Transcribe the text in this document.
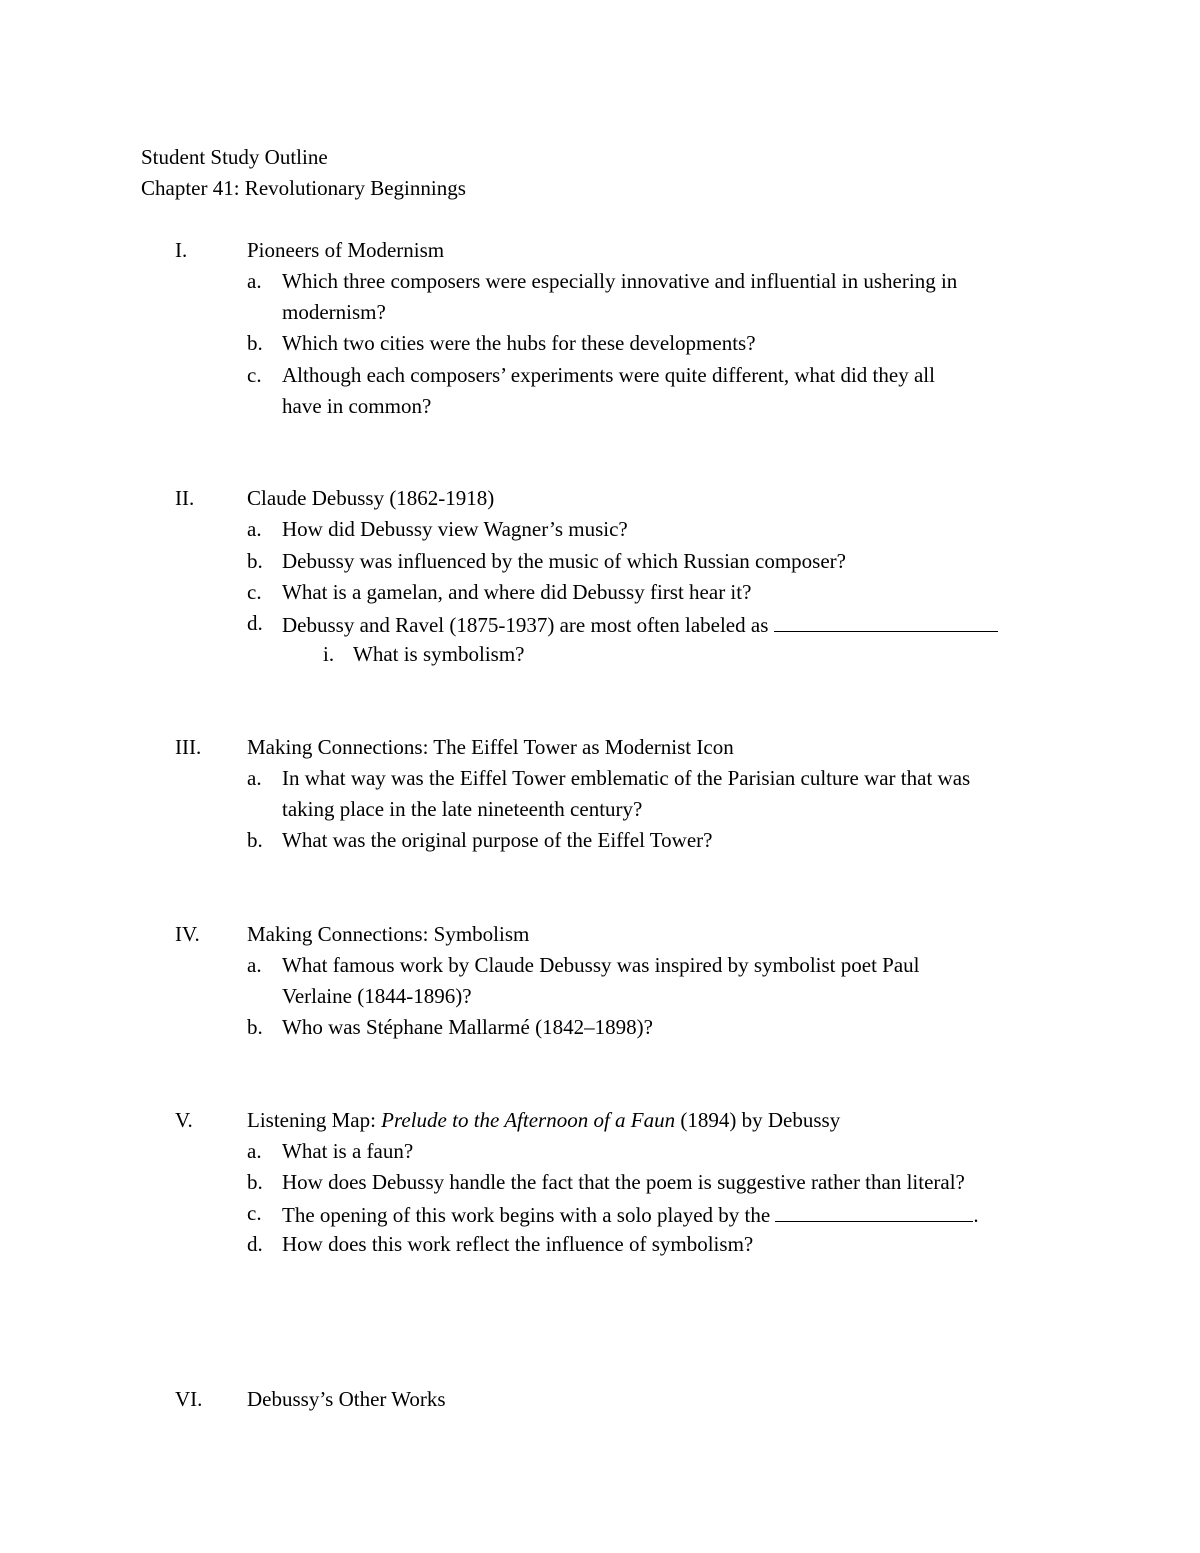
Student Study Outline
Chapter 41: Revolutionary Beginnings
I.	Pioneers of Modernism
a. Which three composers were especially innovative and influential in ushering in
modernism?
b. Which two cities were the hubs for these developments?
c. Although each composers’ experiments were quite different, what did they all
have in common?
II.	Claude Debussy (1862-1918)
a. How did Debussy view Wagner’s music?
b. Debussy was influenced by the music of which Russian composer?
c. What is a gamelan, and where did Debussy first hear it?
d. Debussy and Ravel (1875-1937) are most often labeled as
i. What is symbolism?
III. Making Connections: The Eiffel Tower as Modernist Icon
a. In what way was the Eiffel Tower emblematic of the Parisian culture war that was
taking place in the late nineteenth century?
b. What was the original purpose of the Eiffel Tower?
IV. Making Connections: Symbolism
a. What famous work by Claude Debussy was inspired by symbolist poet Paul
Verlaine (1844-1896)?
b. Who was Stéphane Mallarmé (1842–1898)?
V.	Listening Map: Prelude to the Afternoon of a Faun (1894) by Debussy
a. What is a faun?
b. How does Debussy handle the fact that the poem is suggestive rather than literal?
c. The opening of this work begins with a solo played by the	.
d. How does this work reflect the influence of symbolism?
VI. Debussy’s Other Works
